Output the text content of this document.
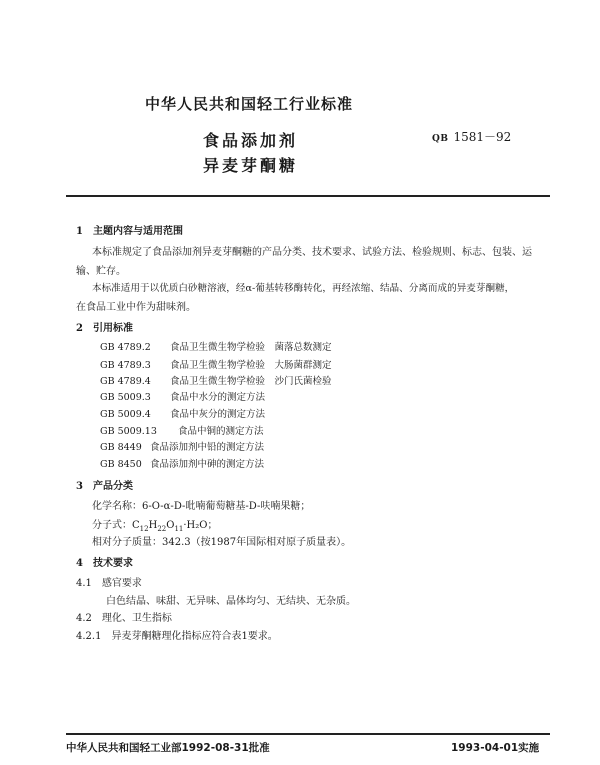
中华人民共和国轻工行业标准
食品添加剂
异麦芽酮糖
QB 1581－92
1　主题内容与适用范围
本标准规定了食品添加剂异麦芽酮糖的产品分类、技术要求、试验方法、检验规则、标志、包装、运
输、贮存。
本标准适用于以优质白砂糖溶液，经α-葡基转移酶转化，再经浓缩、结晶、分离而成的异麦芽酮糖，
在食品工业中作为甜味剂。
2　引用标准
GB 4789.2 食品卫生微生物学检验　菌落总数测定
GB 4789.3 食品卫生微生物学检验　大肠菌群测定
GB 4789.4 食品卫生微生物学检验　沙门氏菌检验
GB 5009.3 食品中水分的测定方法
GB 5009.4 食品中灰分的测定方法
GB 5009.13 食品中铜的测定方法
GB 8449 食品添加剂中铅的测定方法
GB 8450 食品添加剂中砷的测定方法
3　产品分类
化学名称：6-O-α-D-吡喃葡萄糖基-D-呋喃果糖；
分子式：$C_{12}H_{22}O_{11}\cdot H_2O$；
相对分子质量：342.3（按1987年国际相对原子质量表）。
4　技术要求
4.1　感官要求
白色结晶、味甜、无异味、晶体均匀、无结块、无杂质。
4.2　理化、卫生指标
4.2.1　异麦芽酮糖理化指标应符合表1要求。
中华人民共和国轻工业部1992-08-31批准	1993-04-01实施
